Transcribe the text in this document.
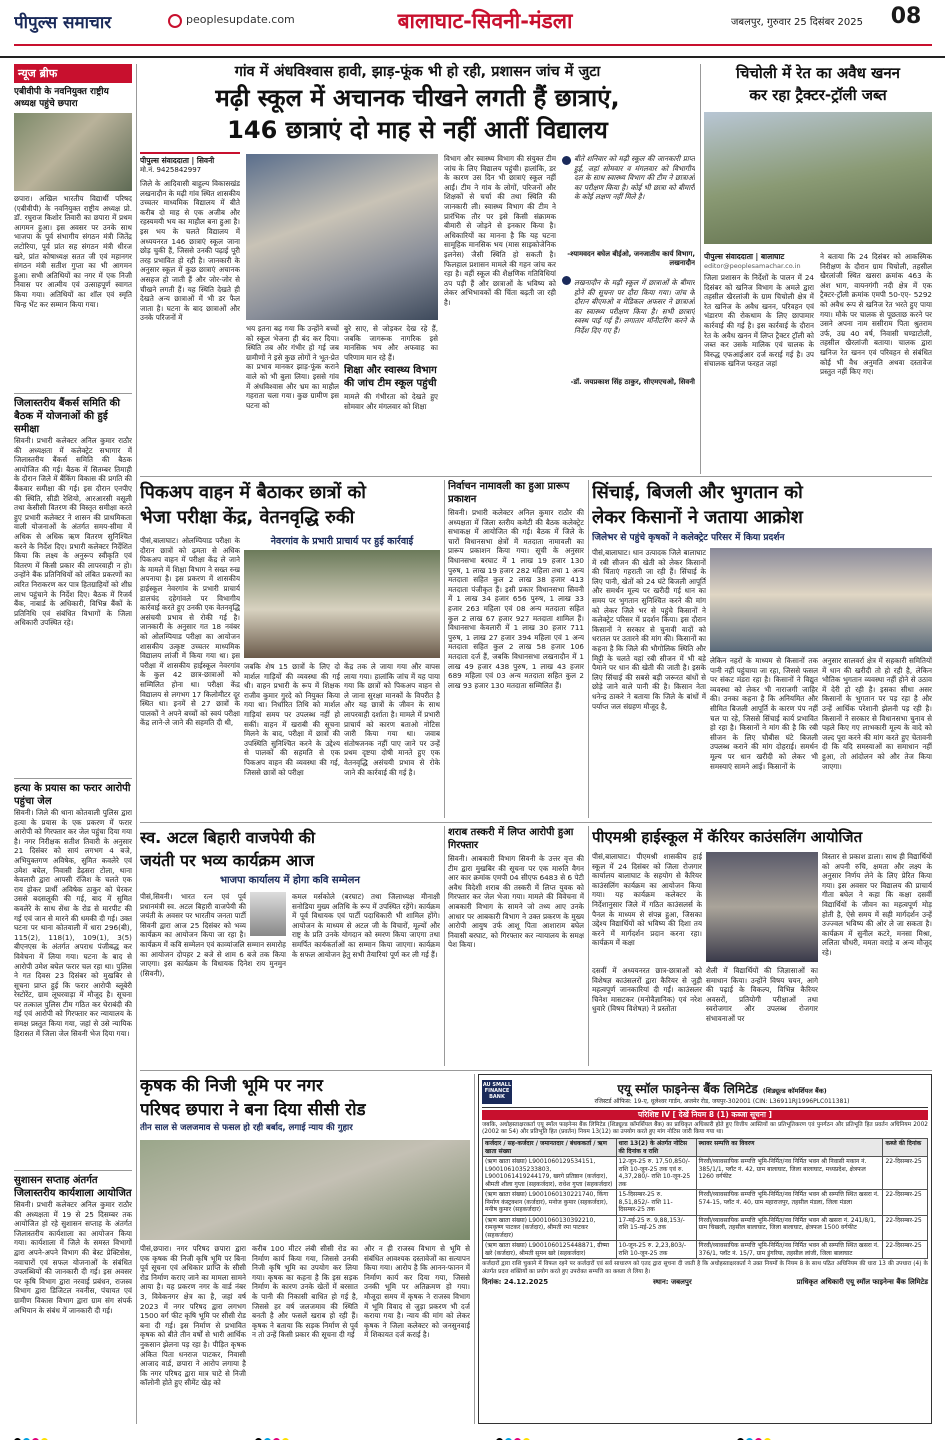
पीपुल्स समाचार	peoplesupdate.com	बालाघाट-सिवनी-मंडला	जबलपुर, गुरुवार 25 दिसंबर 2025	08
न्यूज ब्रीफ
एबीवीपी के नवनियुक्त राष्ट्रीय अध्यक्ष पहुंचे छपारा
छपारा। अखिल भारतीय विद्यार्थी परिषद (एबीवीपी) के नवनियुक्त राष्ट्रीय अध्यक्ष प्रो. डॉ. रघुराज किशोर तिवारी का छपारा में प्रथम आगमन हुआ। इस अवसर पर उनके साथ भाजपा के पूर्व संभागीय संगठन मंत्री जितेंद्र लटोरिया, पूर्व प्रांत सह संगठन मंत्री धीरज खरे, प्रांत कोषाध्यक्ष सतत जी एवं महानगर संगठन मंत्री सतीश गुप्ता का भी आगमन हुआ। सभी अतिथियों का नगर में एक निजी निवास पर आत्मीय एवं उत्साहपूर्ण स्वागत किया गया। अतिथियों का शॉल एवं स्मृति चिन्ह भेंट कर सम्मान किया गया।
जिलास्तरीय बैंकर्स समिति की बैठक में योजनाओं की हुई समीक्षा
सिवनी। प्रभारी कलेक्टर अनिल कुमार राठौर की अध्यक्षता में कलेक्ट्रेट सभागार में जिलास्तरीय बैंकर्स समिति की बैठक आयोजित की गई। बैठक में सितम्बर तिमाही के दौरान जिले में बैंकिंग विकास की प्रगति की बैंकवार समीक्षा की गई। इस दौरान एनपीए की स्थिति, सीडी रेशियो, आरआरसी वसूली तथा केसीसी वितरण की विस्तृत समीक्षा करते हुए प्रभारी कलेक्टर ने शासन की प्राथमिकता वाली योजनाओं के अंतर्गत समय-सीमा में अधिक से अधिक ऋण वितरण सुनिश्चित करने के निर्देश दिए। प्रभारी कलेक्टर निर्देशित किया कि लक्ष्य के अनुरूप स्वीकृति एवं वितरण में किसी प्रकार की लापरवाही न हो। उन्होंने बैंक प्रतिनिधियों को लंबित प्रकरणों का त्वरित निराकरण कर पात्र हितग्राहियों को शीघ्र लाभ पहुंचाने के निर्देश दिए। बैठक में रिजर्व बैंक, नाबार्ड के अधिकारी, विभिन्न बैंकों के प्रतिनिधि एवं संबंधित विभागों के जिला अधिकारी उपस्थित रहे।
हत्या के प्रयास का फरार आरोपी पहुंचा जेल
सिवनी। जिले की थाना कोतवाली पुलिस द्वारा हत्या के प्रयास के एक प्रकरण में फरार आरोपी को गिरफ्तार कर जेल पहुंचा दिया गया है। नगर निरीक्षक सतीश तिवारी के अनुसार 21 दिसंबर को सायं लगभग 4 बजे, अभियुक्तगण अविषेक, सुमित कवलेरे एवं उमेश बघेल, निवासी डेढ़सरा टोला, थाना केवलारी द्वारा आपसी रंजिश के चलते एक राय होकर प्रार्थी अविषेक ठाकुर को घेरकर उससे बदसलूकी की गई, बाद में सुमित कवलेरे के साथ सेंधा के रोड से मारपीट की गई एवं जान से मारने की धमकी दी गई। उक्त घटना पर थाना कोतवाली में धारा 296(बी), 115(2), 118(1), 109(1), 3(5) बीएनएस के अंतर्गत अपराध पंजीबद्ध कर विवेचना में लिया गया। घटना के बाद से आरोपी उमेश बघेल फरार चल रहा था। पुलिस ने गत दिवस 23 दिसंबर को मुखबिर से सूचना प्राप्त हुई कि फरार आरोपी ब्लूबेरी रेस्टोरेंट, ग्राम लूघरवाड़ा में मौजूद है। सूचना पर तत्काल पुलिस टीम गठित कर घेराबंदी की गई एवं आरोपी को गिरफ्तार कर न्यायालय के समक्ष प्रस्तुत किया गया, जहां से उसे न्यायिक हिरासत में जिला जेल सिवनी भेज दिया गया।
सुशासन सप्ताह अंतर्गत जिलास्तरीय कार्यशाला आयोजित
सिवनी। प्रभारी कलेक्टर अनिल कुमार राठौर की अध्यक्षता में 19 से 25 दिसम्बर तक आयोजित हो रहे सुशासन सप्ताह के अंतर्गत जिलास्तरीय कार्यशाला का आयोजन किया गया। कार्यशाला में जिले के समस्त विभागों द्वारा अपने-अपने विभाग की बेस्ट प्रेक्टिसेस, नवाचारों एवं सफल योजनाओं के संबंधित उपलब्धियों की जानकारी दी गई। इस अवसर पर कृषि विभाग द्वारा नरवाई प्रबंधन, राजस्व विभाग द्वारा डिजिटल नवनीस, पंचायत एवं ग्रामीण विकास विभाग द्वारा ग्राम संग संपर्क अभियान के संबंध में जानकारी दी गई।
गांव में अंधविश्वास हावी, झाड़-फूंक भी हो रही, प्रशासन जांच में जुटा
मढ़ी स्कूल में अचानक चीखने लगती हैं छात्राएं,
146 छात्राएं दो माह से नहीं आतीं विद्यालय
पीपुल्स संवाददाता | सिवनी
मो.नं. 9425842997
जिले के आदिवासी बाहुल्य विकासखंड लखनादौन के मढ़ी गांव स्थित शासकीय उच्चतर माध्यमिक विद्यालय में बीते करीब दो माह से एक अजीब और रहस्यमयी भय का माहौल बना हुआ है। इस भय के चलते विद्यालय में अध्ययनरत 146 छात्राएं स्कूल जाना छोड़ चुकी हैं, जिससे उनकी पढ़ाई पूरी तरह प्रभावित हो रही है। जानकारी के अनुसार स्कूल में कुछ छात्राएं अचानक असहज हो जाती हैं और जोर-जोर से चीखने लगती हैं। यह स्थिति देखते ही देखते अन्य छात्राओं में भी डर फैल जाता है। घटना के बाद छात्राओं और उनके परिजनों में
भय इतना बढ़ गया कि उन्होंने बच्चों को स्कूल भेजना ही बंद कर दिया। स्थिति तब और गंभीर हो गई जब ग्रामीणों ने इसे कुछ लोगों ने भूत-प्रेत का प्रभाव मानकर झाड़-फूंक कराने वाले को भी बुला लिया। इससे गांव में अंधविश्वास और भ्रम का माहौल गहराता चला गया। कुछ ग्रामीण इस घटना को
बुरे साए, से जोड़कर देख रहे हैं, जबकि जागरूक नागरिक इसे मानसिक भय और अफवाह का परिणाम मान रहे हैं।
शिक्षा और स्वास्थ्य विभाग की जांच टीम स्कूल पहुंची
मामले की गंभीरता को देखते हुए सोमवार और मंगलवार को शिक्षा
विभाग और स्वास्थ्य विभाग की संयुक्त टीम जांच के लिए विद्यालय पहुंची। हालांकि, डर के कारण उस दिन भी छात्राएं स्कूल नहीं आईं। टीम ने गांव के लोगों, परिजनों और शिक्षकों से चर्चा की तथा स्थिति की जानकारी ली। स्वास्थ्य विभाग की टीम ने प्रारंभिक तौर पर इसे किसी संक्रामक बीमारी से जोड़ने से इनकार किया है। अधिकारियों का मानना है कि यह घटना सामूहिक मानसिक भय (मास साइकोजेनिक इलनेस) जैसी स्थिति हो सकती है। फिलहाल प्रशासन मामले की गहन जांच कर रहा है। वहीं स्कूल की शैक्षणिक गतिविधियां ठप पड़ी हैं और छात्राओं के भविष्य को लेकर अभिभावकों की चिंता बढ़ती जा रही है।
बीते शनिवार को मढ़ी स्कूल की जानकारी प्राप्त हुई, जहां सोमवार व मंगलवार को विभागीय दल के साथ स्वास्थ्य विभाग की टीम ने छात्राओं का परीक्षण किया है। कोई भी छात्रा को बीमारी के कोई लक्षण नहीं मिले है।
-श्यामवदन बघेल बीईओ, जनजातीय कार्य विभाग, लखनादौन
लखनादौन के मढ़ी स्कूल में छात्राओं के बीमार होने की सूचना पर दौरा किया गया। जांच के दौरान बीएमओ व मेडिकल अफसर ने छात्राओं का स्वास्थ्य परीक्षण किया है। सभी छात्राएं स्वस्थ पाई गई हैं। लगातार मॉनीटरिंग करने के निर्देश दिए गए हैं।
-डॉ. जयप्रकाश सिंह ठाकुर, सीएमएचओ, सिवनी
चिचोली में रेत का अवैध खनन
कर रहा ट्रैक्टर-ट्रॉली जब्त
पीपुल्स संवाददाता | बालाघाट
editor@peoplesamachar.co.in
जिला प्रशासन के निर्देशों के पालन में 24 दिसंबर को खनिज विभाग के अमले द्वारा तहसील खैरलांजी के ग्राम चिचोली क्षेत्र में रेत खनिज के अवैध खनन, परिवहन एवं भंडारण की रोकथाम के लिए छापामार कार्रवाई की गई है। इस कार्रवाई के दौरान रेत के अवैध खनन में लिप्त ट्रैक्टर ट्रॉली को जब्त कर उसके मालिक एवं चालक के विरुद्ध एफआईआर दर्ज कराई गई है। उप संचालक खनिज फरहत जहां
ने बताया कि 24 दिसंबर को आकस्मिक निरीक्षण के दौरान ग्राम चिचोली, तहसील खैरलांजी स्थित खसरा क्रमांक 463 के अंश भाग, वायनगंगी नदी क्षेत्र में एक ट्रैक्टर-ट्रॉली क्रमांक एमपी 50-एए- 5292 को अवैध रूप से खनिज रेत भरते हुए पाया गया। मौके पर चालक से पूछताछ करने पर उसने अपना नाम ससीराम पिता श्रुतराम उर्फ, उम्र 40 वर्ष, निवासी चण्डाटोली, तहसील खैरलांजी बताया। चालक द्वारा खनिज रेत खनन एवं परिवहन से संबंधित कोई भी वैध अनुमति अथवा दस्तावेज प्रस्तुत नहीं किए गए।
पिकअप वाहन में बैठाकर छात्रों को
भेजा परीक्षा केंद्र, वेतनवृद्धि रुकी
पीसं,बालाघाट। ओलम्पियाड परीक्षा के दौरान छात्रों को ढ़मता से अधिक पिकअप वाहन में परीक्षा केंद्र ले जाने के मामले में शिक्षा विभाग ने सख्त रुख अपनाया है। इस प्रकरण में शासकीय हाईस्कूल नेवरगांव के प्रभारी प्राचार्य डालचंद दहेगांवले पर विभागीय कार्रवाई करते हुए उनकी एक वेतनवृद्धि असंचयी प्रभाव से रोकी गई है। जानकारी के अनुसार गत 18 नवंबर को ओलम्पियाड परीक्षा का आयोजन शासकीय उत्कृष्ट उच्चतर माध्यमिक विद्यालय लांजी में किया गया था। इस परीक्षा में शासकीय हाईस्कूल नेवरगांव के कुल 42 छात्र-छात्राओं को सम्मिलित होना था। परीक्षा केंद्र विद्यालय से लगभग 17 किलोमीटर दूर स्थित था। इनमें से 27 छात्रों के पालकों ने अपने बच्चों को स्वयं परीक्षा केंद्र लाने-ले जाने की सहमति दी थी,
नेवरगांव के प्रभारी प्राचार्य पर हुई कार्रवाई
जबकि शेष 15 छात्रों के लिए दो मार्शल गाड़ियों की व्यवस्था की गई थी। वाहन प्रभारी के रूप में शिक्षक राजीव कुमार गुरदे को नियुक्त किया गया था। निर्धारित तिथि को मार्शल गाड़ियां समय पर उपलब्ध नहीं हो सकीं। वाहन में खराबी की सूचना मिलने के बाद, परीक्षा में छात्रों की उपस्थिति सुनिश्चित करने के उद्देश्य से पालकों की सहमति से एक पिकअप वाहन की व्यवस्था की गई, जिससे छात्रों को परीक्षा
केंद्र तक ले जाया गया और वापस लाया गया। हालांकि जांच में यह पाया गया कि छात्रों को पिकअप वाहन से ले जाना सुरक्षा मानकों के विपरीत है और यह छात्रों के जीवन के साथ लापरवाही दर्शाता है। मामले में प्रभारी प्राचार्य को कारण बताओ नोटिस जारी किया गया था। जवाब संतोषजनक नहीं पाए जाने पर उन्हें प्रथम दृष्टया दोषी मानते हुए एक वेतनवृद्धि असंचयी प्रभाव से रोके जाने की कार्रवाई की गई है।
निर्वाचन नामावली का हुआ प्रारूप प्रकाशन
सिवनी। प्रभारी कलेक्टर अनिल कुमार राठौर की अध्यक्षता में जिला स्तरीय कमेटी की बैठक कलेक्ट्रेट सभाकक्ष में आयोजित की गई। बैठक में जिले के चारों विधानसभा क्षेत्रों में मतदाता नामावली का प्रारूप प्रकाशन किया गया। सूची के अनुसार विधानसभा बरघाट में 1 लाख 19 हजार 130 पुरुष, 1 लाख 19 हजार 282 महिला तथा 1 अन्य मतदाता सहित कुल 2 लाख 38 हजार 413 मतदाता पंजीकृत हैं। इसी प्रकार विधानसभा सिवनी में 1 लाख 34 हजार 656 पुरुष, 1 लाख 33 हजार 263 महिला एवं 08 अन्य मतदाता सहित कुल 2 लाख 67 हजार 927 मतदाता शामिल हैं। विधानसभा केवलारी में 1 लाख 30 हजार 711 पुरुष, 1 लाख 27 हजार 394 महिला एवं 1 अन्य मतदाता सहित कुल 2 लाख 58 हजार 106 मतदाता दर्ज हैं, जबकि विधानसभा लखनादौन में 1 लाख 49 हजार 438 पुरुष, 1 लाख 43 हजार 689 महिला एवं 03 अन्य मतदाता सहित कुल 2 लाख 93 हजार 130 मतदाता सम्मिलित हैं।
सिंचाई, बिजली और भुगतान को
लेकर किसानों ने जताया आक्रोश
जिलेभर से पहुंचे कृषकों ने कलेक्ट्रेट परिसर में किया प्रदर्शन
पीसं,बालाघाट। धान उत्पादक जिले बालाघाट में रबी सीजन की खेती को लेकर किसानों की चिंताएं गहराती जा रही हैं। सिंचाई के लिए पानी, खेतों को 24 घंटे बिजली आपूर्ति और समर्थन मूल्य पर खरीदी गई धान का समय पर भुगतान सुनिश्चित करने की मांग को लेकर जिले भर से पहुंचे किसानों ने कलेक्ट्रेट परिसर में प्रदर्शन किया। इस दौरान किसानों ने सरकार से चुनावी वादों को धरातल पर उतारने की मांग की। किसानों का कहना है कि जिले की भौगोलिक स्थिति और मिट्टी के चलते यहां रबी सीजन में भी बड़े पैमाने पर धान की खेती की जाती है। इसके लिए सिंचाई की सबसे बड़ी जरूरत बांधों से छोड़े जाने वाले पानी की है। किसान नेता धनेन्द्र ठाकरे ने बताया कि जिले के बांधों में पर्याप्त जल संग्रहण मौजूद है,
लेकिन नहरों के माध्यम से किसानों तक पानी नहीं पहुंचाया जा रहा, जिससे फसल पर संकट मंडरा रहा है। किसानों ने विद्युत व्यवस्था को लेकर भी नाराजगी जाहिर की। उनका कहना है कि अनियमित और सीमित बिजली आपूर्ति के कारण पंप नहीं चल पा रहे, जिससे सिंचाई कार्य प्रभावित हो रहा है। किसानों ने मांग की है कि रबी सीजन के लिए चौबीस घंटे बिजली उपलब्ध कराने की मांग दोहराई। समर्थन मूल्य पर धान खरीदी को लेकर भी समस्याएं सामने आई। किसानों के
अनुसार सालवर्रा क्षेत्र में सहकारी समितियों में धान की खरीदी तो हो रही है, लेकिन भौतिक भुगतान व्यवस्था नहीं होने से उठाव में देरी हो रही है। इसका सीधा असर किसानों के भुगतान पर पड़ रहा है और उन्हें आर्थिक परेशानी झेलनी पड़ रही है। किसानों ने सरकार से विधानसभा चुनाव से पहले किए गए लाभकारी मूल्य के वादे को जल्द पूरा करने की मांग करते हुए चेतावनी दी कि यदि समस्याओं का समाधान नहीं हुआ, तो आंदोलन को और तेज किया जाएगा।
स्व. अटल बिहारी वाजपेयी की
जयंती पर भव्य कार्यक्रम आज
भाजपा कार्यालय में होगा कवि सम्मेलन
पीसं,सिवनी। भारत रत्न एवं पूर्व प्रधानमंत्री स्व. अटल बिहारी वाजपेयी की जयंती के अवसर पर भारतीय जनता पार्टी सिवनी द्वारा आज 25 दिसंबर को भव्य कार्यक्रम का आयोजन किया जा रहा है। कार्यक्रम में कवि सम्मेलन एवं काव्यांजलि सम्मान समारोह का आयोजन दोपहर 2 बजे से शाम 6 बजे तक किया जाएगा। इस कार्यक्रम के विधायक दिनेश राय मुनमुन (सिवनी),
कमल मर्सकोले (बरघाट) तथा जिलाध्यक्ष मीनाक्षी सनोडिया मुख्य अतिथि के रूप में उपस्थित रहेंगे। कार्यक्रम में पूर्व विधायक एवं पार्टी पदाधिकारी भी शामिल होंगे। आयोजन के माध्यम से अटल जी के विचारों, मूल्यों और राष्ट्र के प्रति उनके योगदान को स्मरण किया जाएगा तथा समर्पित कार्यकर्ताओं का सम्मान किया जाएगा। कार्यक्रम के सफल आयोजन हेतु सभी तैयारियां पूर्ण कर ली गई हैं।
शराब तस्करी में लिप्त आरोपी हुआ गिरफ्तार
सिवनी। आबकारी विभाग सिवनी के उत्तर वृत्त की टीम द्वारा मुखबिर की सूचना पर एक मारुति वैगन आर कार क्रमांक एमपी 04 सीएफ 6483 से 6 पेटी अवैध विदेशी शराब की तस्करी में लिप्त युवक को गिरफ्तार कर जेल भेजा गया। मामले की विवेचना में आबकारी विभाग के सामने जो तथ्य आए उनके आधार पर आबकारी विभाग ने उक्त प्रकरण के मुख्य आरोपी आयुष उर्फ आशू पिता आशाराम बघेल निवासी बरघाट, को गिरफ्तार कर न्यायालय के समक्ष पेश किया।
पीएमश्री हाईस्कूल में कॅरियर काउंसलिंग आयोजित
पीसं,बालाघाट। पीएमश्री शासकीय हाई स्कूल में 24 दिसंबर को जिला रोजगार कार्यालय बालाघाट के सहयोग से कैरियर काउंसलिंग कार्यक्रम का आयोजन किया गया। यह कार्यक्रम कलेक्टर के निर्देशानुसार जिले में गठित काउंसलर्स के पैनल के माध्यम से संपन्न हुआ, जिसका उद्देश्य विद्यार्थियों को भविष्य की दिशा तय करने में मार्गदर्शन प्रदान करना रहा। कार्यक्रम में कक्षा
दसवीं में अध्ययनरत छात्र-छात्राओं को विशेषज्ञ काउंसलरों द्वारा कैरियर से जुड़ी महत्वपूर्ण जानकारियां दी गईं। काउंसलर चिनेश मासटकर (मनोवैज्ञानिक) एवं नरेश धुवारे (विषय विशेषज्ञ) ने प्रस्तोता
शैली में विद्यार्थियों की जिज्ञासाओं का समाधान किया। उन्होंने विषय चयन, आगे की पढ़ाई के विकल्प, विभिन्न कैरियर अवसरों, प्रतियोगी परीक्षाओं तथा स्वरोजगार और उपलब्ध रोजगार संभावनाओं पर
विस्तार से प्रकाश डाला। साथ ही विद्यार्थियों को अपनी रुचि, क्षमता और लक्ष्य के अनुसार निर्णय लेने के लिए प्रेरित किया गया। इस अवसर पर विद्यालय की प्राचार्य गीता बघेल ने कहा कि कक्षा दसवीं विद्यार्थियों के जीवन का महत्वपूर्ण मोड़ होती है, ऐसे समय में सही मार्गदर्शन उन्हें उज्ज्वल भविष्य की ओर ले जा सकता है। कार्यक्रम में सुनील कटरे, मनसा मिश्रा, ललिता चौधरी, ममता वराड़े व अन्य मौजूद रहे।
कृषक की निजी भूमि पर नगर
परिषद छपारा ने बना दिया सीसी रोड
तीन साल से जलजमाव से फसल हो रही बर्बाद, लगाई न्याय की गुहार
पीसं,छपारा। नगर परिषद छपारा द्वारा एक कृषक की निजी कृषि भूमि पर बिना पूर्व सूचना एवं अधिकार प्राप्ति के सीसी रोड निर्माण कराए जाने का मामला सामने आया है। यह प्रकरण नगर के वार्ड नंबर 3, विवेकनगर क्षेत्र का है, जहां वर्ष 2023 में नगर परिषद द्वारा लगभग 1500 वर्ग फीट कृषि भूमि पर सीसी रोड बना दी गई। इस निर्माण से प्रभावित कृषक को बीते तीन वर्षों से भारी आर्थिक नुकसान झेलना पड़ रहा है। पीड़ित कृषक अंकित पिता धनराज पाटकर, निवासी आजाद वार्ड, छपारा ने आरोप लगाया है कि नगर परिषद द्वारा मात्र चाटे से निजी कॉलोनी होते हुए सीमेंट खेड़ को
करीब 100 मीटर लंबी सीसी रोड का निर्माण कार्य किया गया, जिससे उनकी निजी कृषि भूमि का उपयोग कर लिया गया। कृषक का कहना है कि इस सड़क निर्माण के कारण उनके खेतों में बरसात के पानी की निकासी बाधित हो गई है, जिससे हर वर्ष जलजमाव की स्थिति बनती है और फसलें खराब हो रही हैं। कृषक ने बताया कि सड़क निर्माण से पूर्व न तो उन्हें किसी प्रकार की सूचना दी गई
और न ही राजस्व विभाग से भूमि से संबंधित आवश्यक दस्तावेजों का सत्यापन किया गया। आरोप है कि आनन-फानन में निर्माण कार्य कर दिया गया, जिससे उनकी भूमि पर अतिक्रमण हो गया। मौजूदा समय में कृषक ने राजस्व विभाग में भूमि विवाद से जुड़ा प्रकरण भी दर्ज कराया गया है। न्याय की मांग को लेकर कृषक ने जिला कलेक्टर को जनसुनवाई में शिकायत दर्ज कराई है।
AU SMALL FINANCE BANK
एयू स्मॉल फाइनेन्स बैंक लिमिटेड (शिड्यूल्ड कॉमर्शियल बैंक)
रजिस्टर्ड ऑफिस: 19-ए, धूलेश्वर गार्डन, अजमेर रोड, जयपुर-302001 (CIN: L36911RJ1996PLC011381)
परिशिष्ट IV [ देखें नियम 8 (1) कब्जा सूचना ]
जबकि, अधोहस्ताक्षरकर्ता एयू स्मॉल फाइनेन्स बैंक लिमिटेड (शिड्यूल्ड कॉमर्शियल बैंक) का प्राधिकृत अधिकारी होते हुए वित्तीय आस्तियों का प्रतिभूतिकरण एवं पुनर्गठन और प्रतिभूति हित प्रवर्तन अधिनियम 2002 (2002 का 54) और प्रतिभूति हित (प्रवर्तन) नियम 13(12) का उपयोग करते हुए मांग नोटिस जारी किया गया था।
कर्जदार / सह-कर्जदार / जमानतदार / बंधककर्ता / ऋण खाता संख्या	धारा 13(2) के अंतर्गत नोटिस की दिनांक व राशि	स्थावर सम्पत्ति का विवरण	कब्जे की दिनांक
(ऋण खाता संख्या) L9001060129534151, L9001061035233803, L9001061419244179, खरगे प्रतिष्ठान (कर्जदार), श्रीमती शीला गुप्ता (सहकर्जदार), राधेश गुप्ता (सहकर्जदार)	12-जून-25 रु. 17,50,850/- राशि 10-जून-25 तक एवं रु. 4,37,280/- राशि 10-जून-25 तक	गिरवी/व्यावसायिक सम्पत्ति भूमि-निर्मित/नव निर्मित भवन श्री निवासी मकान नं. 385/1/1, प्लॉट नं. 42, ग्राम बालाघाट, जिला बालाघाट, मध्यप्रदेश, क्षेत्रफल 1260 वर्गफीट	22-दिसम्बर-25
(ऋण खाता संख्या) L9001060130221740, किंगा निर्माण कंस्ट्रक्शन (कर्जदार), मनोज कुमार (सहकर्जदार), मनीष कुमार (सहकर्जदार)	15-दिसम्बर-25 रु. 8,51,852/- राशि 11-दिसम्बर-25 तक	गिरवी/व्यावसायिक सम्पत्ति भूमि-निर्मित/नव निर्मित भवन श्री सम्पत्ति स्थित खसरा नं. 574-15, प्लॉट नं. 40, ग्राम महाराजपुर, तहसील मंडला, जिला मंडला	22-दिसम्बर-25
(ऋण खाता संख्या) L9001060130392210, रामकृष्ण पाटकर (कर्जदार), श्रीमती रमा पाटकर (सहकर्जदार)	17-मई-25 रु. 9,88,153/- राशि 15-मई-25 तक	गिरवी/व्यावसायिक सम्पत्ति भूमि-निर्मित/नव निर्मित भवन श्री खसरा नं. 241/8/1, ग्राम चिखली, तहसील बालाघाट, जिला बालाघाट, क्षेत्रफल 1500 वर्गफीट	22-दिसम्बर-25
(ऋण खाता संख्या) L9001060125448871, ग्रीष्मा खरे (कर्जदार), श्रीमती सुमन खरे (सहकर्जदार)	10-जून-25 रु. 2,23,803/- राशि 10-जून-25 तक	गिरवी/व्यावसायिक सम्पत्ति भूमि-निर्मित/नव निर्मित भवन श्री सम्पत्ति स्थित खसरा नं. 376/1, प्लॉट नं. 15/7, ग्राम डुंगरिया, तहसील लांजी, जिला बालाघाट	22-दिसम्बर-25
कर्जदारों द्वारा राशि चुकाने में विफल रहने पर कर्जदारों एवं सर्व साधारण को एतद द्वारा सूचना दी जाती है कि अधोहस्ताक्षरकर्ता ने उक्त नियमों के नियम 8 के साथ पठित अधिनियम की धारा 13 की उपधारा (4) के अंतर्गत प्रदत्त शक्तियों का प्रयोग करते हुए उपरोक्त सम्पत्ति का कब्जा ले लिया है।
दिनांक: 24.12.2025	स्थान: जबलपुर	प्राधिकृत अधिकारी एयू स्मॉल फाइनेन्स बैंक लिमिटेड
